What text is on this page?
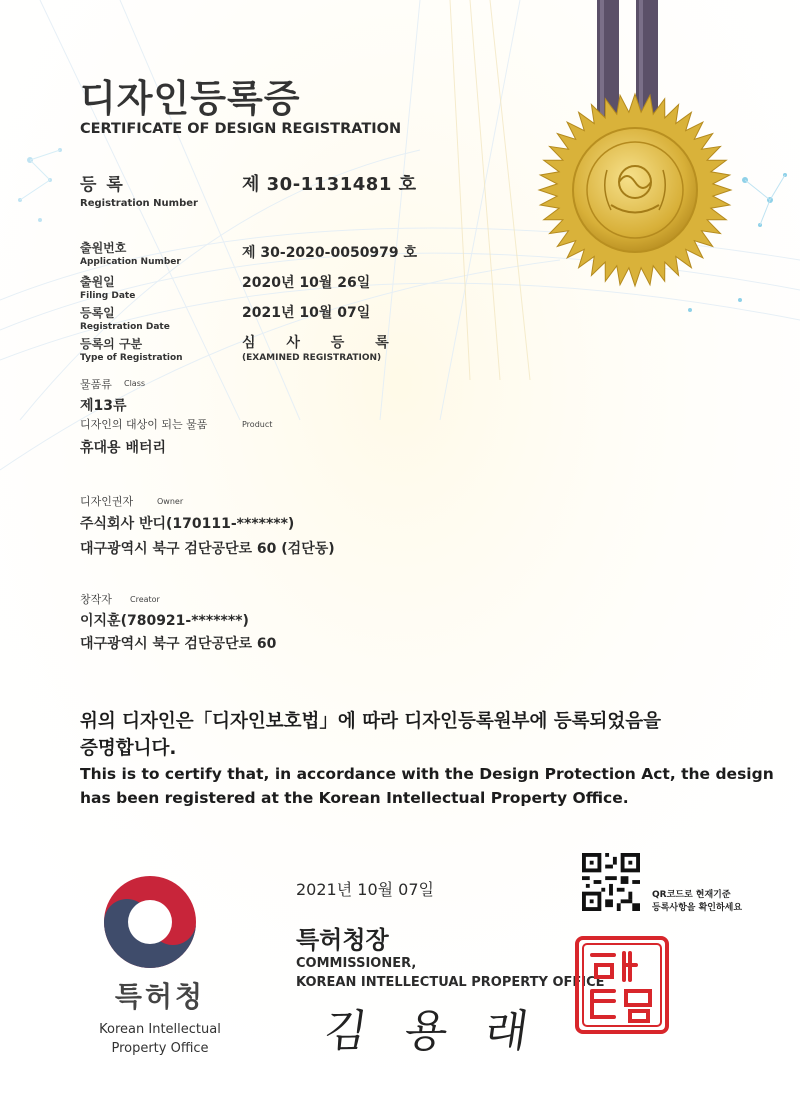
디자인등록증
CERTIFICATE OF DESIGN REGISTRATION
등 록
Registration Number
제 30-1131481 호
출원번호
Application Number
제 30-2020-0050979 호
출원일
Filing Date
2020년 10월 26일
등록일
Registration Date
2021년 10월 07일
등록의 구분
Type of Registration
심 사 등 록
(EXAMINED REGISTRATION)
물품류 Class
제13류
디자인의 대상이 되는 물품	Product
휴대용 배터리
디자인권자	Owner
주식회사 반디(170111-*******)
대구광역시 북구 검단공단로 60 (검단동)
창작자 Creator
이지훈(780921-*******)
대구광역시 북구 검단공단로 60
위의 디자인은「디자인보호법」에 따라 디자인등록원부에 등록되었음을
증명합니다.
This is to certify that, in accordance with the Design Protection Act, the design
has been registered at the Korean Intellectual Property Office.
특허청
Korean Intellectual
Property Office
2021년 10월 07일
특허청장
COMMISSIONER,
KOREAN INTELLECTUAL PROPERTY OFFICE
김 용 래
QR코드로 현재기준
등록사항을 확인하세요
